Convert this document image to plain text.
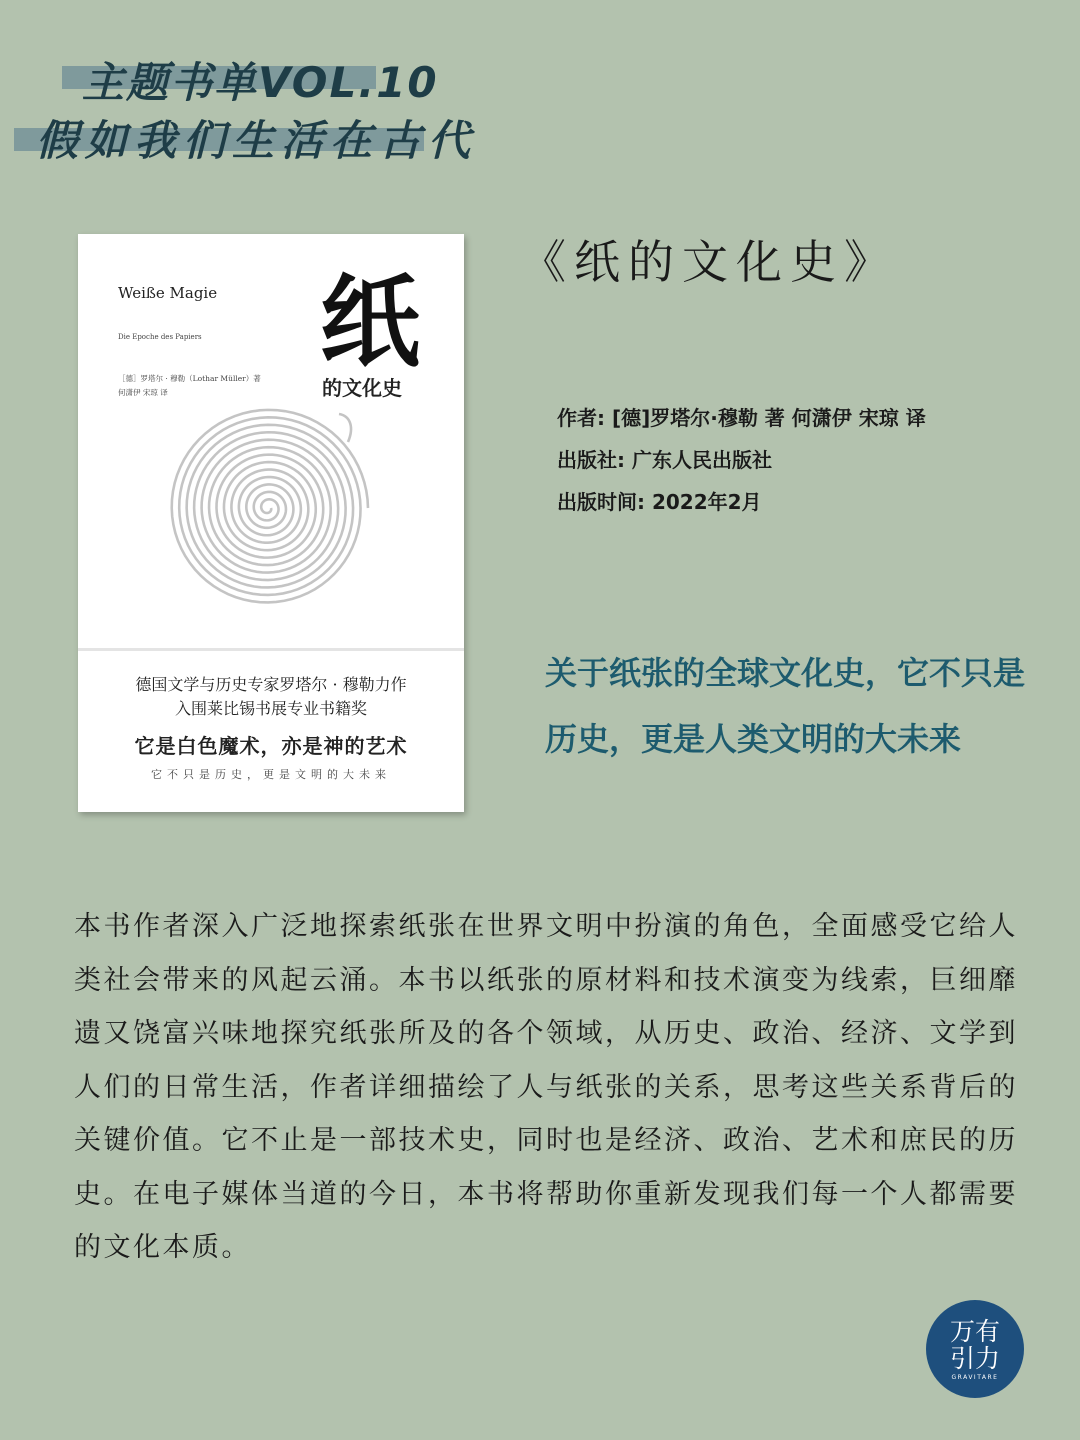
主题书单VOL.10
假如我们生活在古代
Weiße Magie
Die Epoche des Papiers
［德］罗塔尔 · 穆勒（Lothar Müller）著
何潇伊 宋琼 译
纸
的文化史
德国文学与历史专家罗塔尔 · 穆勒力作
入围莱比锡书展专业书籍奖
它是白色魔术，亦是神的艺术
它不只是历史，更是文明的大未来
《纸的文化史》
作者: [德]罗塔尔·穆勒 著 何潇伊 宋琼 译
出版社: 广东人民出版社
出版时间: 2022年2月

关于纸张的全球文化史，它不只是历史，更是人类文明的大未来

本书作者深入广泛地探索纸张在世界文明中扮演的角色，全面感受它给人类社会带来的风起云涌。本书以纸张的原材料和技术演变为线索，巨细靡遗又饶富兴味地探究纸张所及的各个领域，从历史、政治、经济、文学到人们的日常生活，作者详细描绘了人与纸张的关系，思考这些关系背后的关键价值。它不止是一部技术史，同时也是经济、政治、艺术和庶民的历史。在电子媒体当道的今日，本书将帮助你重新发现我们每一个人都需要的文化本质。

万有
引力
GRAVITARE
